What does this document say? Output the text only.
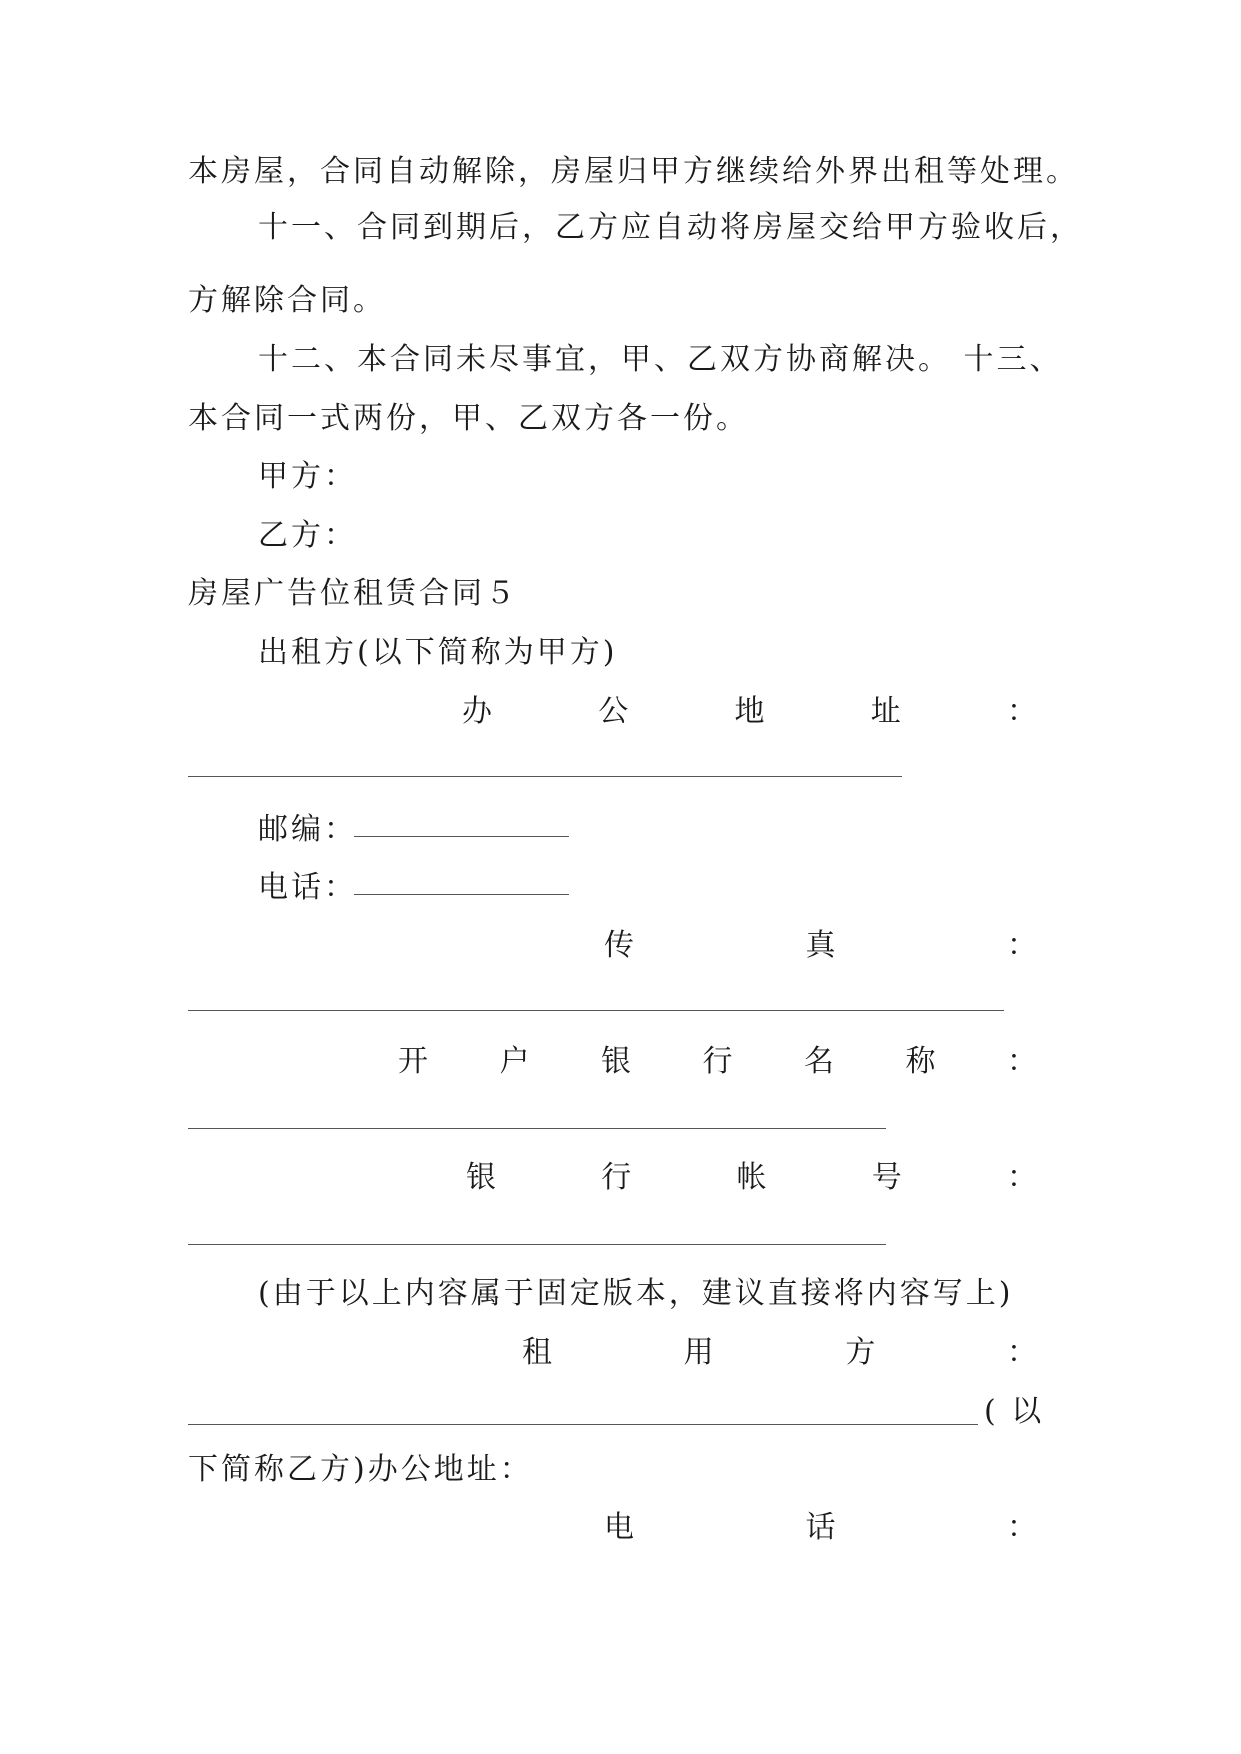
本房屋，合同自动解除，房屋归甲方继续给外界出租等处理。
十一、合同到期后，乙方应自动将房屋交给甲方验收后，
方解除合同。
十二、本合同未尽事宜，甲、乙双方协商解决。 十三、
本合同一式两份，甲、乙双方各一份。
甲方：
乙方：
房屋广告位租赁合同５
出租方(以下简称为甲方)
办	公	地	址	：
邮编：
电话：
传	真	：
开 户 银 行 名 称 ：
银	行	帐	号	：
(由于以上内容属于固定版本，建议直接将内容写上)
租	用	方	：
( 以
下简称乙方)办公地址：
电	话	：
